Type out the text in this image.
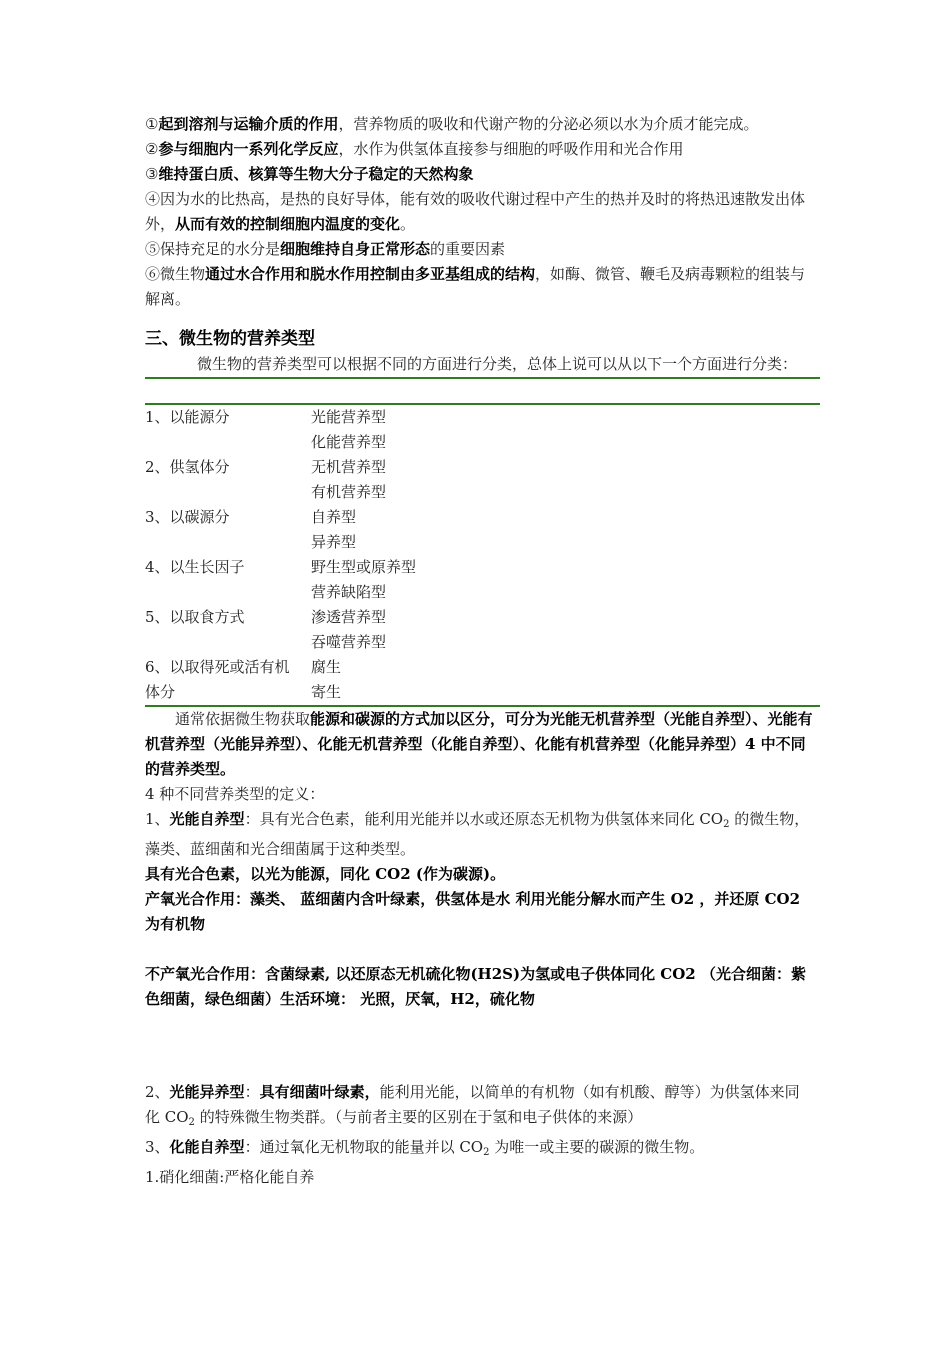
①起到溶剂与运输介质的作用，营养物质的吸收和代谢产物的分泌必须以水为介质才能完成。

②参与细胞内一系列化学反应，水作为供氢体直接参与细胞的呼吸作用和光合作用

③维持蛋白质、核算等生物大分子稳定的天然构象

④因为水的比热高，是热的良好导体，能有效的吸收代谢过程中产生的热并及时的将热迅速散发出体外，从而有效的控制细胞内温度的变化。

⑤保持充足的水分是细胞维持自身正常形态的重要因素

⑥微生物通过水合作用和脱水作用控制由多亚基组成的结构，如酶、微管、鞭毛及病毒颗粒的组装与解离。

三、微生物的营养类型

微生物的营养类型可以根据不同的方面进行分类，总体上说可以从以下一个方面进行分类：

1、以能源分	光能营养型
化能营养型

2、供氢体分	无机营养型
有机营养型

3、以碳源分	自养型
异养型

4、以生长因子	野生型或原养型
营养缺陷型

5、以取食方式	渗透营养型
吞噬营养型

6、以取得死或活有机体分	腐生
寄生

通常依据微生物获取能源和碳源的方式加以区分，可分为光能无机营养型（光能自养型）、光能有机营养型（光能异养型）、化能无机营养型（化能自养型）、化能有机营养型（化能异养型）4 中不同的营养类型。

4 种不同营养类型的定义：

1、光能自养型：具有光合色素，能利用光能并以水或还原态无机物为供氢体来同化 $CO_2$ 的微生物，藻类、蓝细菌和光合细菌属于这种类型。

具有光合色素，以光为能源，同化 CO2 (作为碳源)。

产氧光合作用：藻类、 蓝细菌内含叶绿素，供氢体是水 利用光能分解水而产生 O2 ，并还原 CO2 为有机物

不产氧光合作用：含菌绿素, 以还原态无机硫化物(H2S)为氢或电子供体同化 CO2 （光合细菌：紫色细菌，绿色细菌）生活环境： 光照，厌氧，H2，硫化物

2、光能异养型：具有细菌叶绿素，能利用光能，以简单的有机物（如有机酸、醇等）为供氢体来同化 $CO_2$ 的特殊微生物类群。（与前者主要的区别在于氢和电子供体的来源）

3、化能自养型：通过氧化无机物取的能量并以 $CO_2$ 为唯一或主要的碳源的微生物。

1.硝化细菌:严格化能自养
